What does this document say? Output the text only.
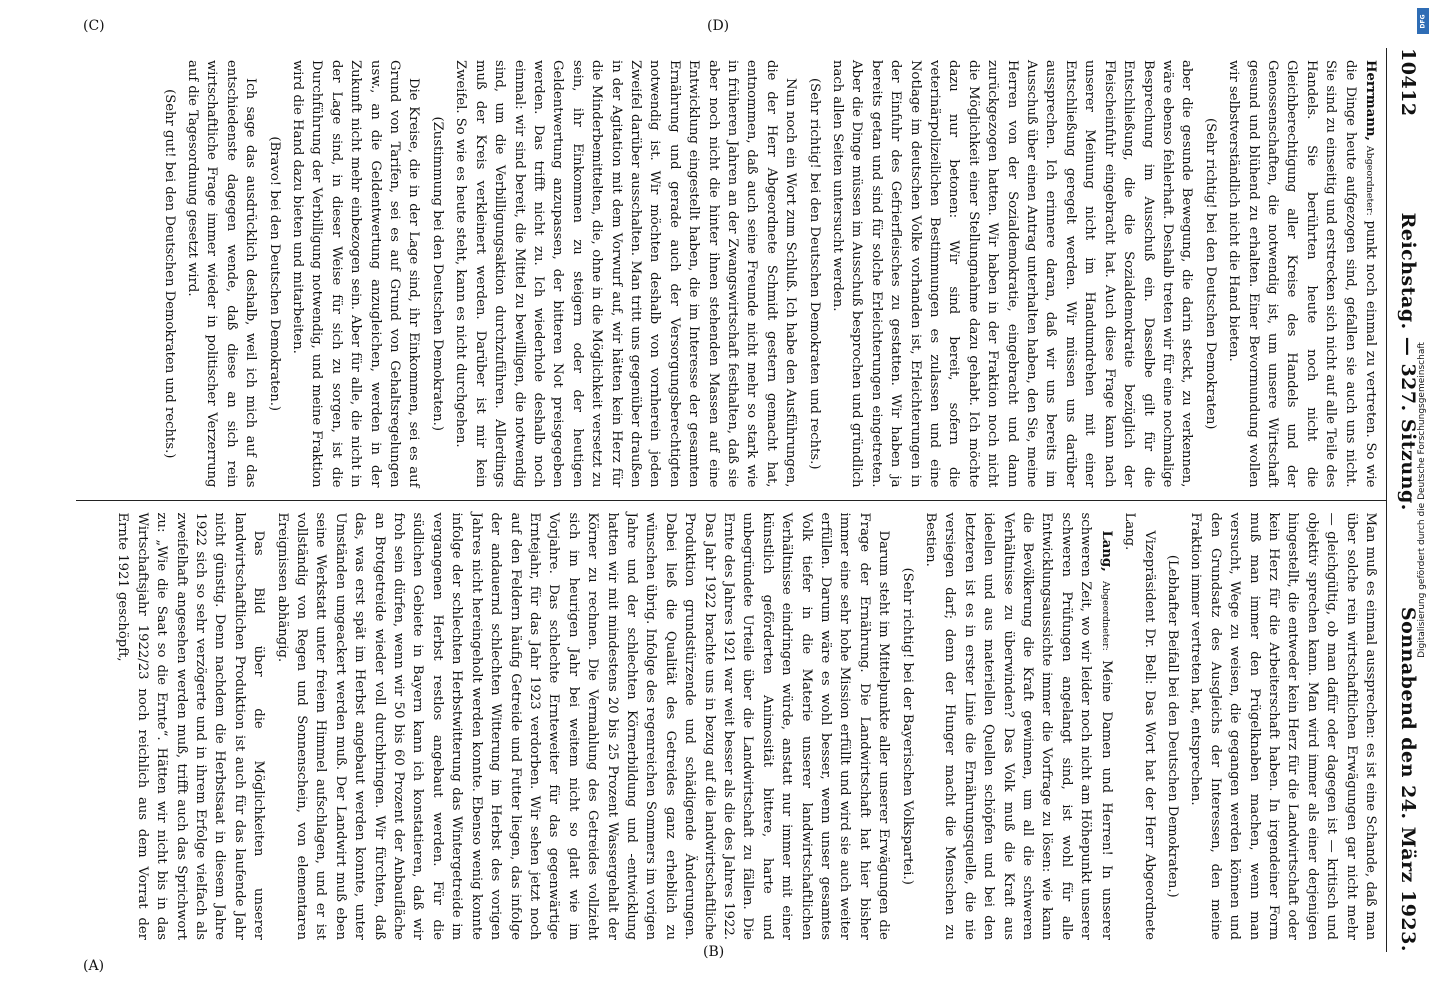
10412
Reichstag. — 327. Sitzung.
Sonnabend den 24. März 1923.

Herrmann, Abgeordneter: punkt noch einmal zu vertreten. So wie die Dinge heute aufgezogen sind, gefallen sie auch uns nicht. Sie sind zu einseitig und erstrecken sich nicht auf alle Teile des Handels. Sie berührten heute noch nicht die Gleichberechtigung aller Kreise des Handels und der Genossenschaften, die notwendig ist, um unsere Wirtschaft gesund und blühend zu erhalten. Einer Bevormundung wollen wir selbstverständlich nicht die Hand bieten.

(Sehr richtig! bei den Deutschen Demokraten)

aber die gesunde Bewegung, die darin steckt, zu verkennen, wäre ebenso fehlerhaft. Deshalb treten wir für eine nochmalige Besprechung im Ausschuß ein. Dasselbe gilt für die Entschließung, die die Sozialdemokratie bezüglich der Fleischeinfuhr eingebracht hat. Auch diese Frage kann nach unserer Meinung nicht im Handumdrehen mit einer Entschließung geregelt werden. Wir müssen uns darüber aussprechen. Ich erinnere daran, daß wir uns bereits im Ausschuß über einen Antrag unterhalten haben, den Sie, meine Herren von der Sozialdemokratie, eingebracht und dann zurückgezogen hatten. Wir haben in der Fraktion noch nicht die Möglichkeit einer Stellungnahme dazu gehabt. Ich möchte dazu nur betonen: Wir sind bereit, sofern die veterinärpolizeilichen Bestimmungen es zulassen und eine Notlage im deutschen Volke vorhanden ist, Erleichterungen in der Einfuhr des Gefrierfleisches zu gestatten. Wir haben ja bereits getan und sind für solche Erleichterungen eingetreten. Aber die Dinge müssen im Ausschuß besprochen und gründlich nach allen Seiten untersucht werden.

(Sehr richtig! bei den Deutschen Demokraten und rechts.)

Nun noch ein Wort zum Schluß. Ich habe den Ausführungen, die der Herr Abgeordnete Schmidt gestern gemacht hat, entnommen, daß auch seine Freunde nicht mehr so stark wie in früheren Jahren an der Zwangswirtschaft festhalten, daß sie aber noch nicht die hinter ihnen stehenden Massen auf eine Entwicklung eingestellt haben, die im Interesse der gesamten Ernährung und gerade auch der Versorgungsberechtigten notwendig ist. Wir möchten deshalb von vornherein jeden Zweifel darüber ausschalten. Man tritt uns gegenüber draußen in der Agitation mit dem Vorwurf auf, wir hätten kein Herz für die Minderbemittelten, die, ohne in die Möglichkeit versetzt zu sein, ihr Einkommen zu steigern oder der heutigen Geldentwertung anzupassen, der bitteren Not preisgegeben werden. Das trifft nicht zu. Ich wiederhole deshalb noch einmal: wir sind bereit, die Mittel zu bewilligen, die notwendig sind, um die Verbilligungsaktion durchzuführen. Allerdings muß der Kreis verkleinert werden. Darüber ist mir kein Zweifel. So wie es heute steht, kann es nicht durchgehen.

(Zustimmung bei den Deutschen Demokraten.)

Die Kreise, die in der Lage sind, ihr Einkommen, sei es auf Grund von Tarifen, sei es auf Grund von Gehaltsregelungen usw., an die Geldentwertung anzugleichen, werden in der Zukunft nicht mehr einbezogen sein. Aber für alle, die nicht in der Lage sind, in dieser Weise für sich zu sorgen, ist die Durchführung der Verbilligung notwendig, und meine Fraktion wird die Hand dazu bieten und mitarbeiten.

(Bravo! bei den Deutschen Demokraten.)

Ich sage das ausdrücklich deshalb, weil ich mich auf das entschiedenste dagegen wende, daß diese an sich rein wirtschaftliche Frage immer wieder in politischer Verzerrung auf die Tagesordnung gesetzt wird.

(Sehr gut! bei den Deutschen Demokraten und rechts.)

Man muß es einmal aussprechen: es ist eine Schande, daß man über solche rein wirtschaftlichen Erwägungen gar nicht mehr — gleichgültig, ob man dafür oder dagegen ist — kritisch und objektiv sprechen kann. Man wird immer als einer derjenigen hingestellt, die entweder kein Herz für die Landwirtschaft oder kein Herz für die Arbeiterschaft haben. In irgendeiner Form muß man immer den Prügelknaben machen, wenn man versucht, Wege zu weisen, die gegangen werden können und den Grundsatz des Ausgleichs der Interessen, den meine Fraktion immer vertreten hat, entsprechen.

(Lebhafter Beifall bei den Deutschen Demokraten.)

Vizepräsident Dr. Bell: Das Wort hat der Herr Abgeordnete Lang.

Lang, Abgeordneter: Meine Damen und Herren! In unserer schweren Zeit, wo wir leider noch nicht am Höhepunkt unserer schweren Prüfungen angelangt sind, ist wohl für alle Entwicklungsaussichte immer die Vorfrage zu lösen: wie kann die Bevölkerung die Kraft gewinnen, um all die schweren Verhältnisse zu überwinden? Das Volk muß die Kraft aus ideellen und aus materiellen Quellen schöpfen und bei den letzteren ist es in erster Linie die Ernährungsquelle, die nie versiegen darf; denn der Hunger macht die Menschen zu Bestien.

(Sehr richtig! bei der Bayerischen Volkspartei.)

Darum steht im Mittelpunkte aller unserer Erwägungen die Frage der Ernährung. Die Landwirtschaft hat hier bisher immer eine sehr hohe Mission erfüllt und wird sie auch weiter erfüllen. Darum wäre es wohl besser, wenn unser gesamtes Volk tiefer in die Materie unserer landwirtschaftlichen Verhältnisse eindringen würde, anstatt nur immer mit einer künstlich geförderten Animosität bittere, harte und unbegründete Urteile über die Landwirtschaft zu fällen. Die Ernte des Jahres 1921 war weit besser als die des Jahres 1922. Das Jahr 1922 brachte uns in bezug auf die landwirtschaftliche Produktion grundstürzende und schädigende Änderungen. Dabei ließ die Qualität des Getreides ganz erheblich zu wünschen übrig. Infolge des regenreichen Sommers im vorigen Jahre und der schlechten Körnerbildung und -entwicklung hatten wir mit mindestens 20 bis 25 Prozent Wassergehalt der Körner zu rechnen. Die Vermahlung des Getreides vollzieht sich im heurigen Jahr bei weitem nicht so glatt wie im Vorjahre. Das schlechte Ernteweiter für das gegenwärtige Erntejahr, für das Jahr 1923 verdorben. Wir sehen jetzt noch auf den Feldern häufig Getreide und Futter liegen, das infolge der andauernd schlechten Witterung im Herbst des vorigen Jahres nicht hereingeholt werden konnte. Ebenso wenig konnte infolge der schlechten Herbstwitterung das Wintergetreide im vergangenen Herbst restlos angebaut werden. Für die südlichen Gebiete in Bayern kann ich konstatieren, daß wir froh sein dürfen, wenn wir 50 bis 60 Prozent der Anbaufläche an Brotgetreide wieder voll durchbringen. Wir fürchten, daß das, was erst spät im Herbst angebaut werden konnte, unter Umständen umgeackert werden muß. Der Landwirt muß eben seine Werkstatt unter freiem Himmel aufschlagen, und er ist vollständig von Regen und Sonnenschein, von elementaren Ereignissen abhängig.

Das Bild über die Möglichkeiten unserer landwirtschaftlichen Produktion ist auch für das laufende Jahr nicht günstig. Denn nachdem die Herbstsaat in diesem Jahre 1922 sich so sehr verzögerte und in ihrem Erfolge vielfach als zweifelhaft angesehen werden muß, trifft auch das Sprichwort zu: „Wie die Saat so die Ernte“. Hätten wir nicht bis in das Wirtschaftsjahr 1922/23 noch reichlich aus dem Vorrat der Ernte 1921 geschöpft,

(A)
(B)
(C)	(D)	DFG
Digitalisierung gefördert durch die Deutsche Forschungsgemeinschaft
